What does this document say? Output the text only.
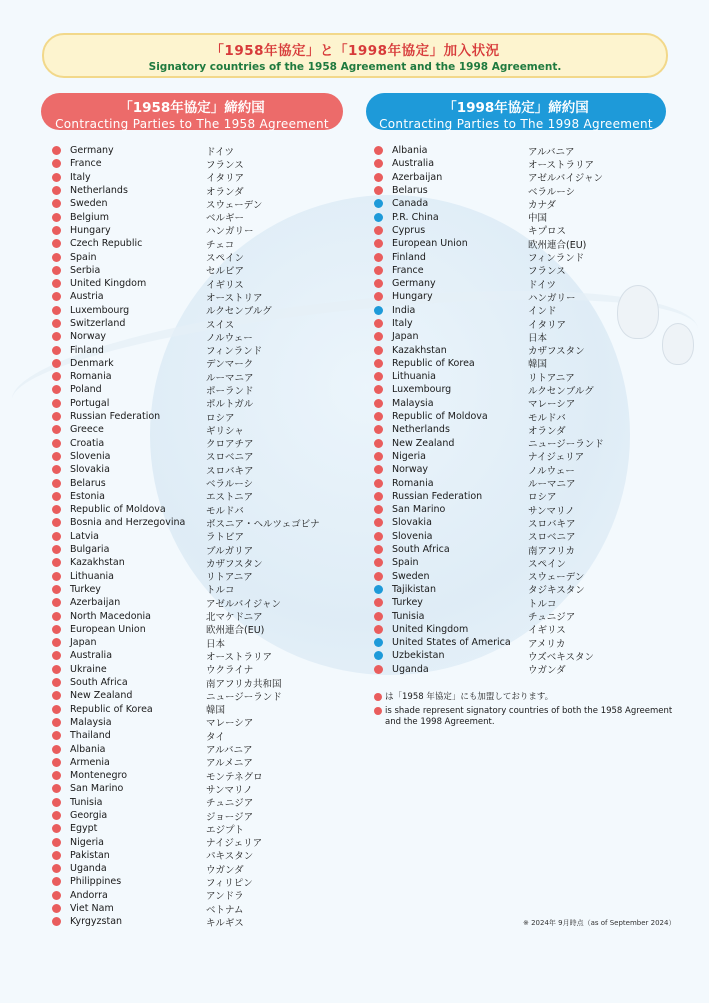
「1958年協定」と「1998年協定」加入状況
Signatory countries of the 1958 Agreement and the 1998 Agreement.
「1958年協定」締約国
Contracting Parties to The 1958 Agreement
「1998年協定」締約国
Contracting Parties to The 1998 Agreement
Germany	ドイツ
France	フランス
Italy	イタリア
Netherlands	オランダ
Sweden	スウェーデン
Belgium	ベルギー
Hungary	ハンガリー
Czech Republic	チェコ
Spain	スペイン
Serbia	セルビア
United Kingdom	イギリス
Austria	オーストリア
Luxembourg	ルクセンブルグ
Switzerland	スイス
Norway	ノルウェー
Finland	フィンランド
Denmark	デンマーク
Romania	ルーマニア
Poland	ポーランド
Portugal	ポルトガル
Russian Federation	ロシア
Greece	ギリシャ
Croatia	クロアチア
Slovenia	スロベニア
Slovakia	スロバキア
Belarus	ベラルーシ
Estonia	エストニア
Republic of Moldova	モルドバ
Bosnia and Herzegovina	ボスニア・ヘルツェゴビナ
Latvia	ラトビア
Bulgaria	ブルガリア
Kazakhstan	カザフスタン
Lithuania	リトアニア
Turkey	トルコ
Azerbaijan	アゼルバイジャン
North Macedonia	北マケドニア
European Union	欧州連合(EU)
Japan	日本
Australia	オーストラリア
Ukraine	ウクライナ
South Africa	南アフリカ共和国
New Zealand	ニュージーランド
Republic of Korea	韓国
Malaysia	マレーシア
Thailand	タイ
Albania	アルバニア
Armenia	アルメニア
Montenegro	モンテネグロ
San Marino	サンマリノ
Tunisia	チュニジア
Georgia	ジョージア
Egypt	エジプト
Nigeria	ナイジェリア
Pakistan	パキスタン
Uganda	ウガンダ
Philippines	フィリピン
Andorra	アンドラ
Viet Nam	ベトナム
Kyrgyzstan	キルギス
Albania	アルバニア
Australia	オーストラリア
Azerbaijan	アゼルバイジャン
Belarus	ベラルーシ
Canada	カナダ
P.R. China	中国
Cyprus	キプロス
European Union	欧州連合(EU)
Finland	フィンランド
France	フランス
Germany	ドイツ
Hungary	ハンガリー
India	インド
Italy	イタリア
Japan	日本
Kazakhstan	カザフスタン
Republic of Korea	韓国
Lithuania	リトアニア
Luxembourg	ルクセンブルグ
Malaysia	マレーシア
Republic of Moldova	モルドバ
Netherlands	オランダ
New Zealand	ニュージーランド
Nigeria	ナイジェリア
Norway	ノルウェー
Romania	ルーマニア
Russian Federation	ロシア
San Marino	サンマリノ
Slovakia	スロバキア
Slovenia	スロベニア
South Africa	南アフリカ
Spain	スペイン
Sweden	スウェーデン
Tajikistan	タジキスタン
Turkey	トルコ
Tunisia	チュニジア
United Kingdom	イギリス
United States of America	アメリカ
Uzbekistan	ウズベキスタン
Uganda	ウガンダ
は「1958 年協定」にも加盟しております。
is shade represent signatory countries of both the 1958 Agreement and the 1998 Agreement.
※ 2024年 9月時点（as of September 2024）
